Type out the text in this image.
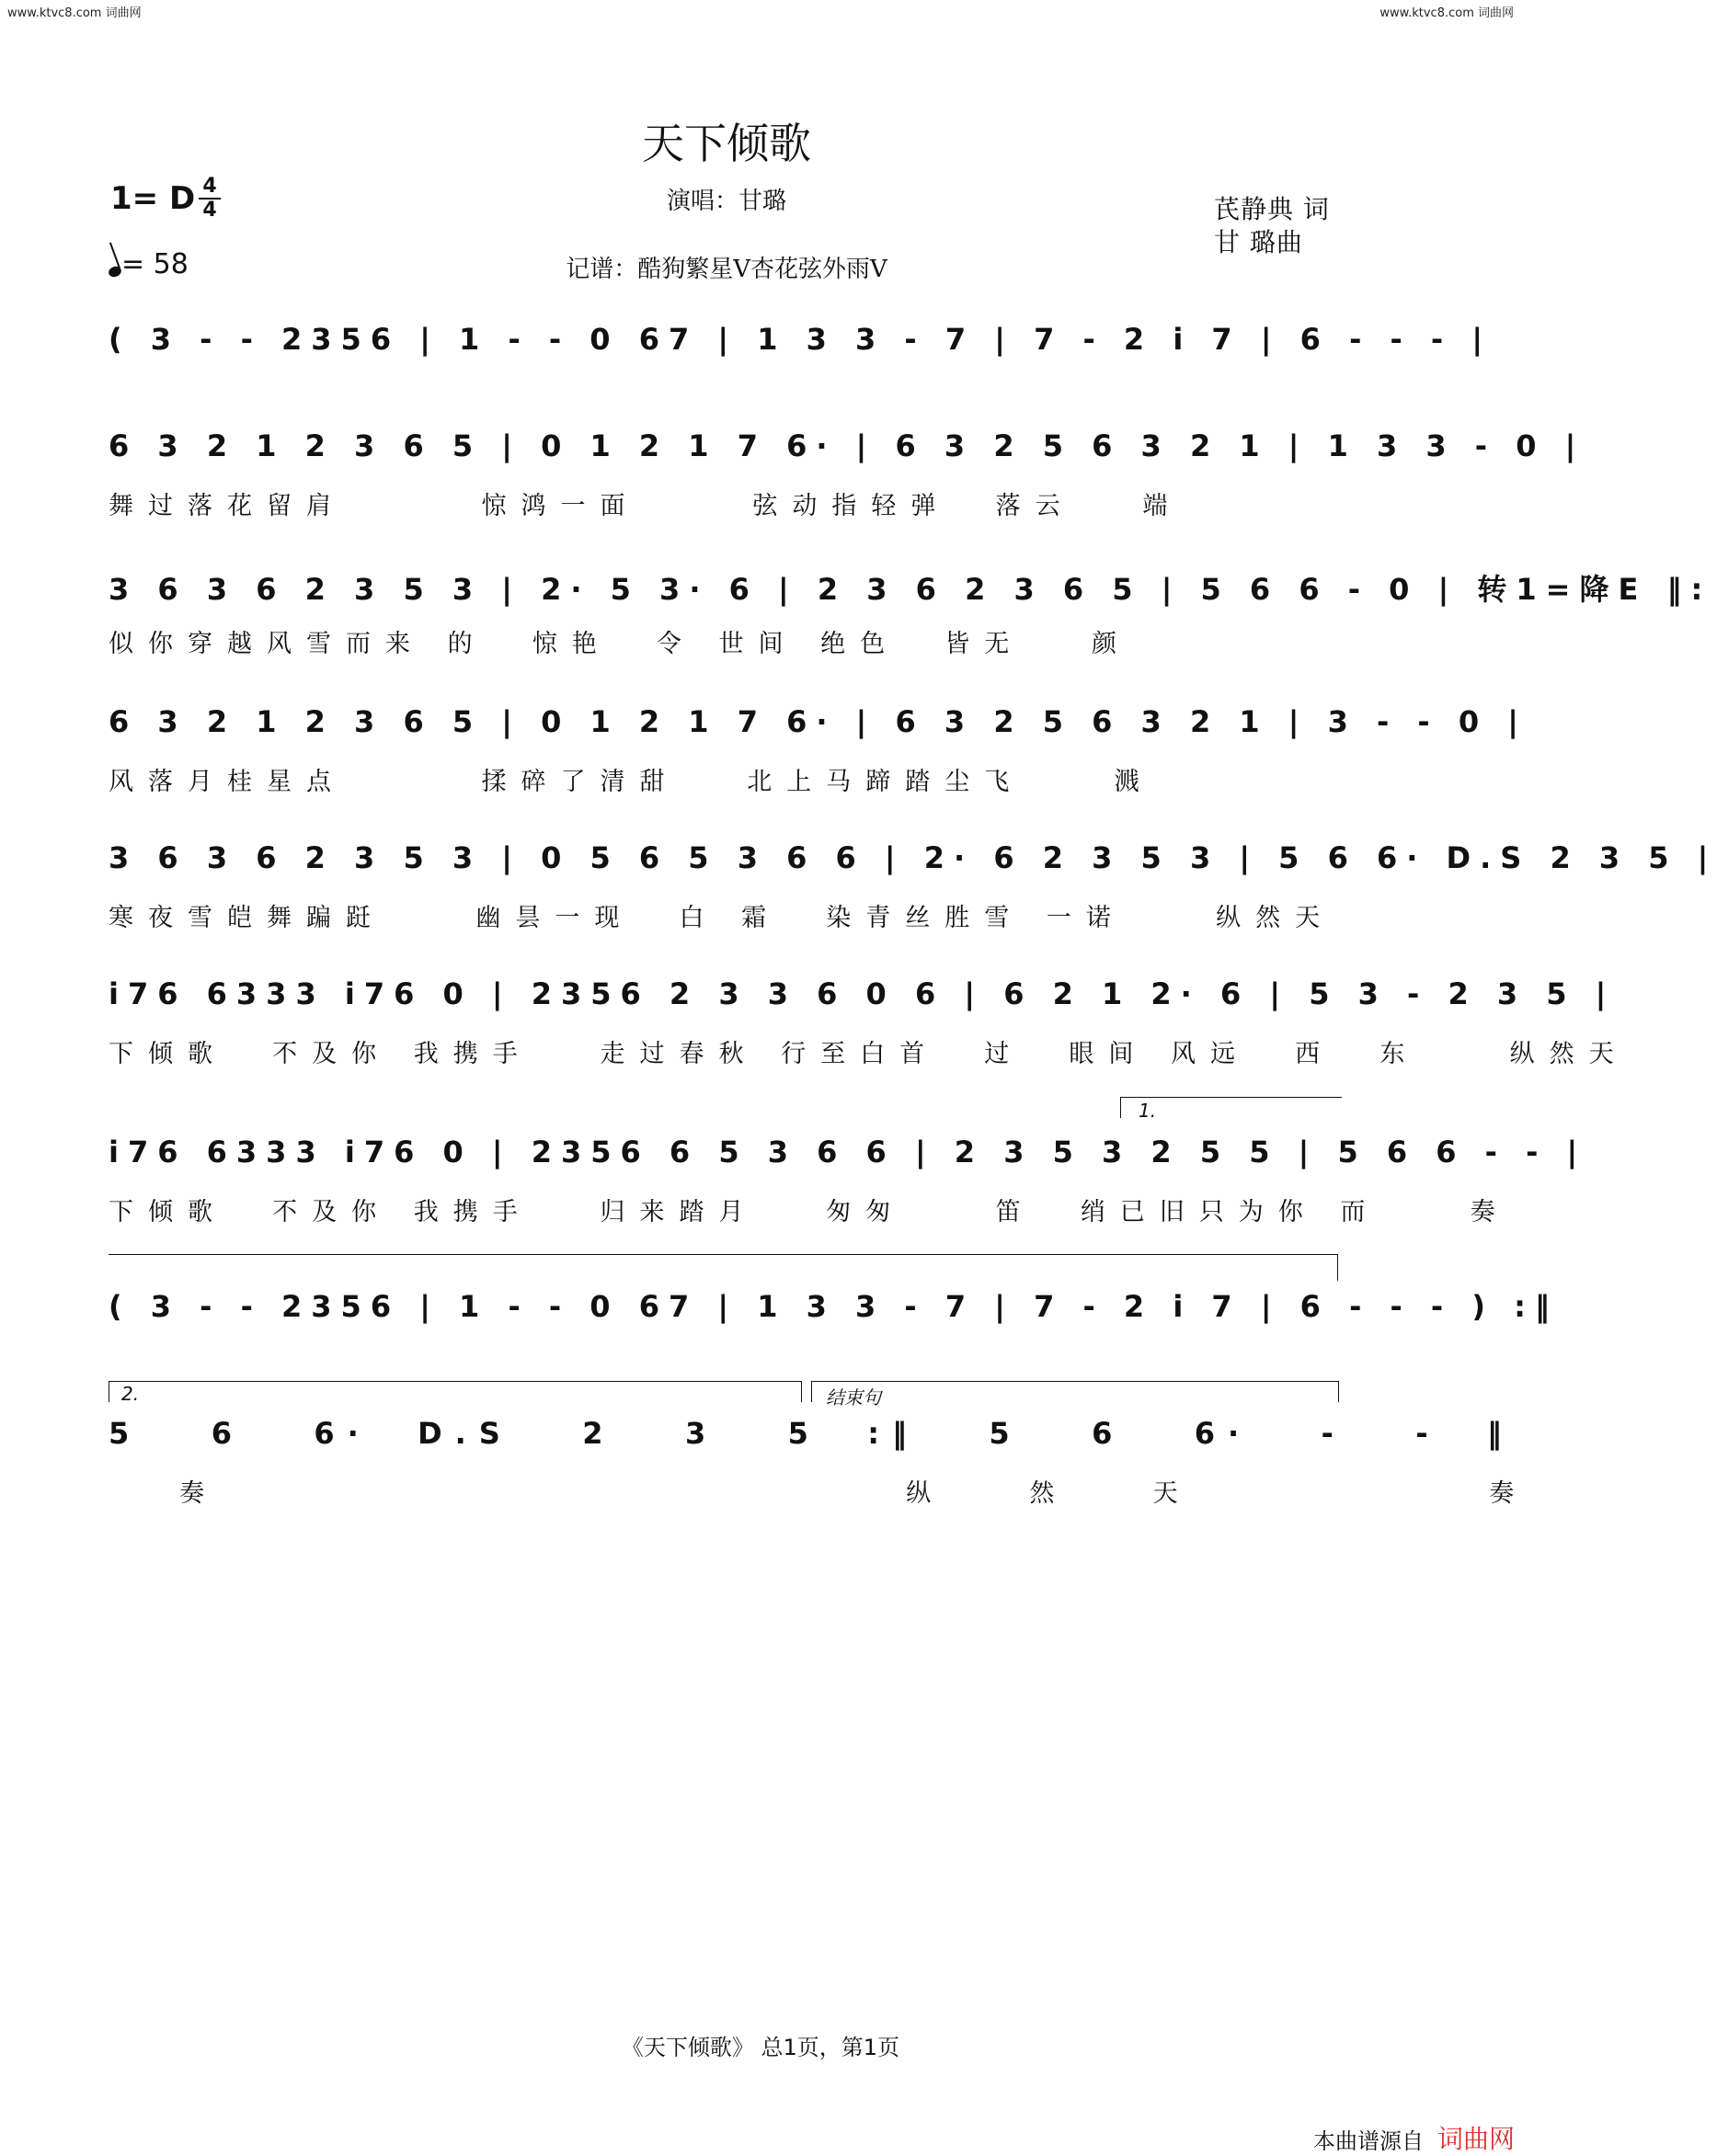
www.ktvc8.com 词曲网	www.ktvc8.com 词曲网
天下倾歌
演唱：甘璐
记谱：酷狗繁星V杏花弦外雨V
芪静典 词
甘 璐曲
1= D 4
4
= 58
( 3 - - 2356 | 1 - - 0 67 | 1 3 3 - 7 | 7 - 2 i 7 | 6 - - - |
6 3 2 1 2 3 6 5 | 0 1 2 1 7 6· | 6 3 2 5 6 3 2 1 | 1 3 3 - 0 |
舞过落花留肩      惊鸿一面     弦动指轻弹  落云   端
3 6 3 6 2 3 5 3 | 2· 5 3· 6 | 2 3 6 2 3 6 5 | 5 6 6 - 0 | 转1=降E ‖:
似你穿越风雪而来 的  惊艳  令 世间 绝色  皆无   颜
6 3 2 1 2 3 6 5 | 0 1 2 1 7 6· | 6 3 2 5 6 3 2 1 | 3 - - 0 |
风落月桂星点      揉碎了清甜   北上马蹄踏尘飞    溅
3 6 3 6 2 3 5 3 | 0 5 6 5 3 6 6 | 2· 6 2 3 5 3 | 5 6 6· D.S 2 3 5 |
寒夜雪皑舞蹁跹    幽昙一现  白 霜  染青丝胜雪 一诺    纵然天
i76 6333 i76 0 | 2356 2 3 3 6 0 6 | 6 2 1 2· 6 | 5 3 - 2 3 5 |
下倾歌  不及你 我携手   走过春秋 行至白首  过  眼间 风远  西  东    纵然天
1.
i76 6333 i76 0 | 2356 6 5 3 6 6 | 2 3 5 3 2 5 5 | 5 6 6 - - |
下倾歌  不及你 我携手   归来踏月   匆匆    笛  绡已旧只为你 而    奏
( 3 - - 2356 | 1 - - 0 67 | 1 3 3 - 7 | 7 - 2 i 7 | 6 - - - ) :‖
2.	结束句
5   6   6·  D.S   2   3   5  :‖   5   6   6·   -   -  ‖
奏                   纵  然  天        奏
《天下倾歌》 总1页，第1页
本曲谱源自 词曲网
